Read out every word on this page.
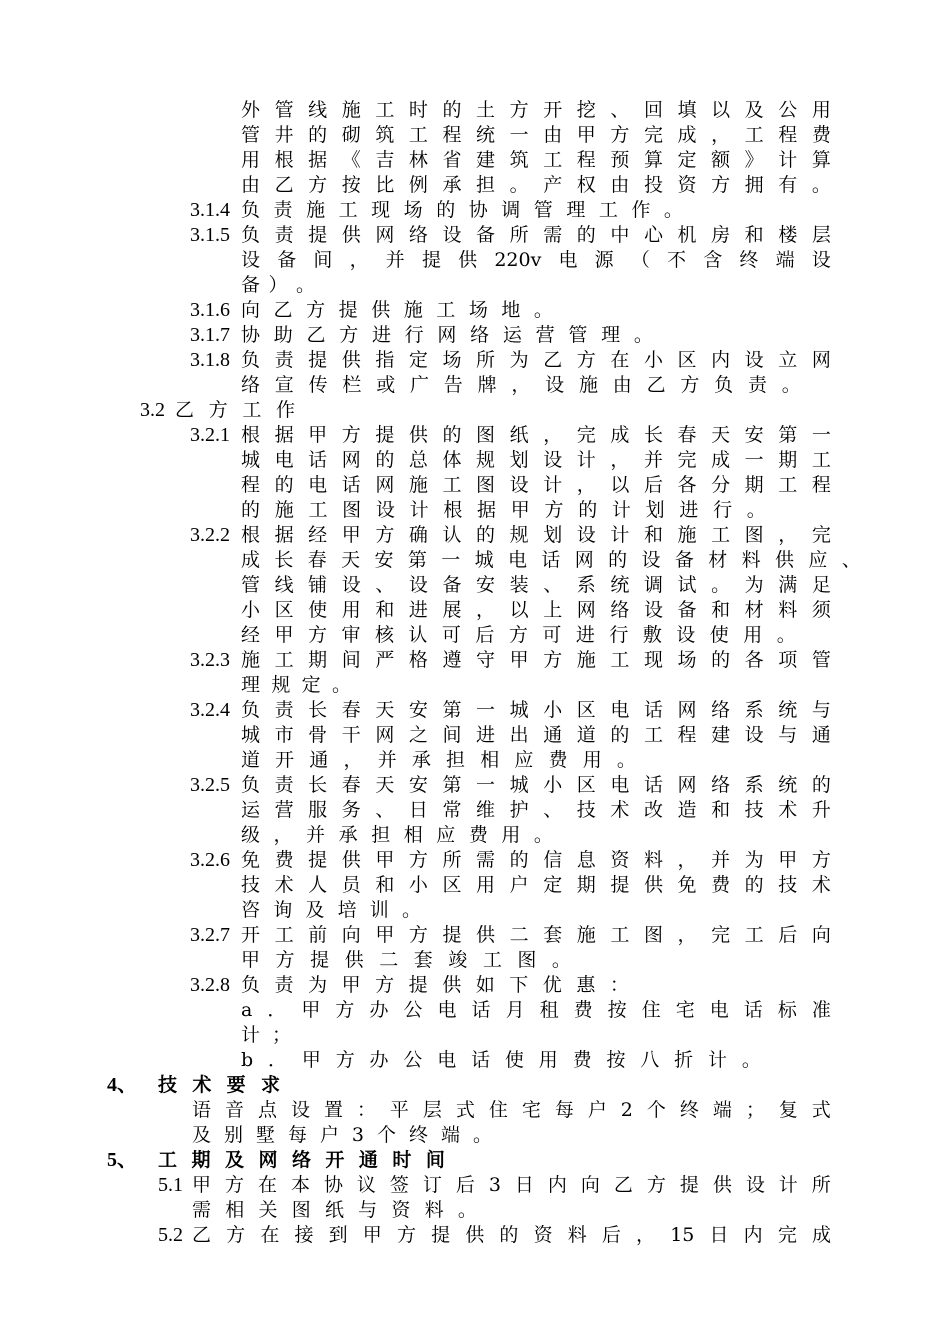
外 管 线 施 工 时 的 土 方 开 挖 、 回 填 以 及 公 用
管 井 的 砌 筑 工 程 统 一 由 甲 方 完 成 ， 工 程 费
用 根 据 《 吉 林 省 建 筑 工 程 预 算 定 额 》 计 算
由 乙 方 按 比 例 承 担 。 产 权 由 投 资 方 拥 有 。
3.1.4 负 责 施 工 现 场 的 协 调 管 理 工 作 。
3.1.5 负 责 提 供 网 络 设 备 所 需 的 中 心 机 房 和 楼 层
设 备 间 ， 并 提 供 220v 电 源 （ 不 含 终 端 设
备 ） 。
3.1.6 向 乙 方 提 供 施 工 场 地 。
3.1.7 协 助 乙 方 进 行 网 络 运 营 管 理 。
3.1.8 负 责 提 供 指 定 场 所 为 乙 方 在 小 区 内 设 立 网
络 宣 传 栏 或 广 告 牌 ， 设 施 由 乙 方 负 责 。
3.2 乙 方 工 作
3.2.1 根 据 甲 方 提 供 的 图 纸 ， 完 成 长 春 天 安 第 一
城 电 话 网 的 总 体 规 划 设 计 ， 并 完 成 一 期 工
程 的 电 话 网 施 工 图 设 计 ， 以 后 各 分 期 工 程
的 施 工 图 设 计 根 据 甲 方 的 计 划 进 行 。
3.2.2 根 据 经 甲 方 确 认 的 规 划 设 计 和 施 工 图 ， 完
成 长 春 天 安 第 一 城 电 话 网 的 设 备 材 料 供 应 、
管 线 铺 设 、 设 备 安 装 、 系 统 调 试 。 为 满 足
小 区 使 用 和 进 展 ， 以 上 网 络 设 备 和 材 料 须
经 甲 方 审 核 认 可 后 方 可 进 行 敷 设 使 用 。
3.2.3 施 工 期 间 严 格 遵 守 甲 方 施 工 现 场 的 各 项 管
理 规 定 。
3.2.4 负 责 长 春 天 安 第 一 城 小 区 电 话 网 络 系 统 与
城 市 骨 干 网 之 间 进 出 通 道 的 工 程 建 设 与 通
道 开 通 ， 并 承 担 相 应 费 用 。
3.2.5 负 责 长 春 天 安 第 一 城 小 区 电 话 网 络 系 统 的
运 营 服 务 、 日 常 维 护 、 技 术 改 造 和 技 术 升
级 ， 并 承 担 相 应 费 用 。
3.2.6 免 费 提 供 甲 方 所 需 的 信 息 资 料 ， 并 为 甲 方
技 术 人 员 和 小 区 用 户 定 期 提 供 免 费 的 技 术
咨 询 及 培 训 。
3.2.7 开 工 前 向 甲 方 提 供 二 套 施 工 图 ， 完 工 后 向
甲 方 提 供 二 套 竣 工 图 。
3.2.8 负 责 为 甲 方 提 供 如 下 优 惠 ：
a ． 甲 方 办 公 电 话 月 租 费 按 住 宅 电 话 标 准
计 ；
b ． 甲 方 办 公 电 话 使 用 费 按 八 折 计 。
4、 技 术 要 求
语 音 点 设 置 ： 平 层 式 住 宅 每 户 2 个 终 端 ； 复 式
及 别 墅 每 户 3 个 终 端 。
5、 工 期 及 网 络 开 通 时 间
5.1 甲 方 在 本 协 议 签 订 后 3 日 内 向 乙 方 提 供 设 计 所
需 相 关 图 纸 与 资 料 。
5.2 乙 方 在 接 到 甲 方 提 供 的 资 料 后 ， 15 日 内 完 成
